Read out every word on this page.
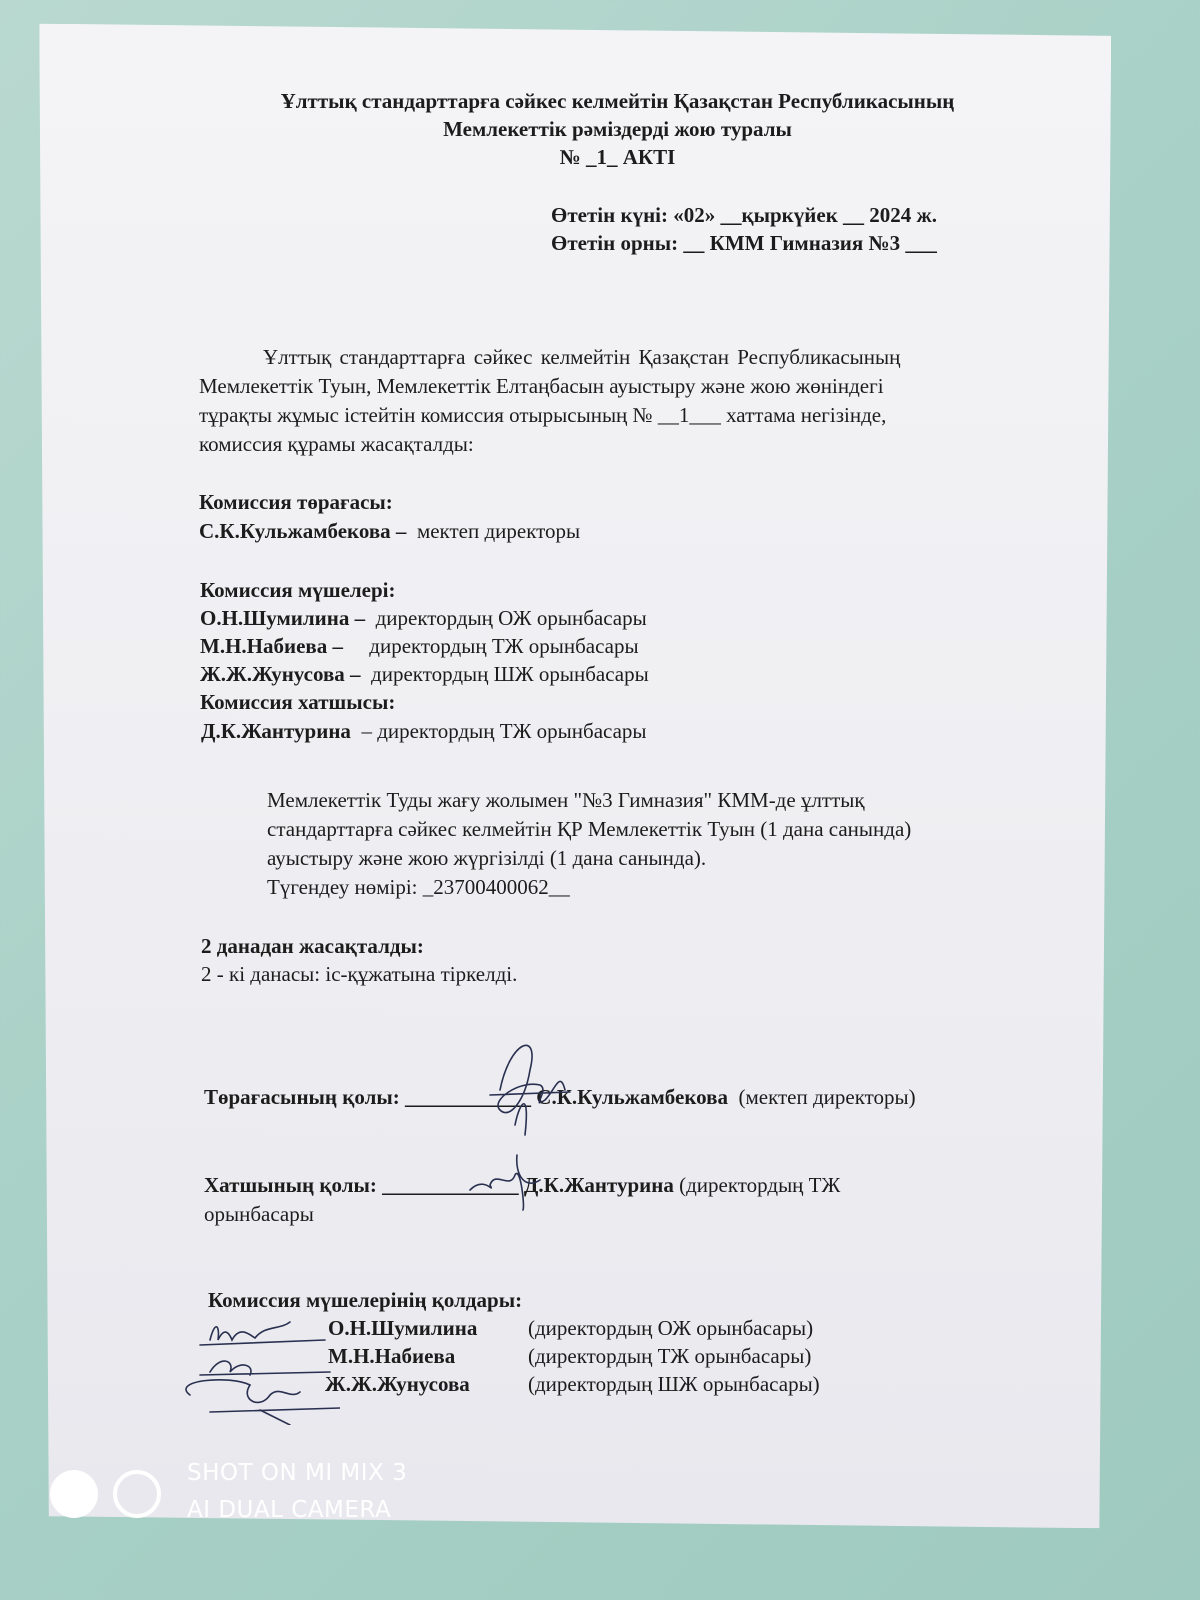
Ұлттық стандарттарға сәйкес келмейтін Қазақстан Республикасының
Мемлекеттік рәміздерді жою туралы
№ _1_ АКТІ
Өтетін күні: «02» __қыркүйек __ 2024 ж.
Өтетін орны: __ КММ Гимназия №3 ___
Ұлттық стандарттарға сәйкес келмейтін Қазақстан Республикасының
Мемлекеттік Туын, Мемлекеттік Елтаңбасын ауыстыру және жою жөніндегі
тұрақты жұмыс істейтін комиссия отырысының № __1___ хаттама негізінде,
комиссия құрамы жасақталды:
Комиссия төрағасы:
С.К.Кульжамбекова – мектеп директоры
Комиссия мүшелері:
О.Н.Шумилина – директордың ОЖ орынбасары
М.Н.Набиева – директордың ТЖ орынбасары
Ж.Ж.Жунусова – директордың ШЖ орынбасары
Комиссия хатшысы:
Д.К.Жантурина – директордың ТЖ орынбасары
Мемлекеттік Туды жағу жолымен "№3 Гимназия" КММ-де ұлттық
стандарттарға сәйкес келмейтін ҚР Мемлекеттік Туын (1 дана санында)
ауыстыру және жою жүргізілді (1 дана санында).
Түгендеу нөмірі: _23700400062__
2 данадан жасақталды:
2 - кі данасы: іс-құжатына тіркелді.
Төрағасының қолы: ____________ С.К.Кульжамбекова (мектеп директоры)
Хатшының қолы: _____________ Д.К.Жантурина (директордың ТЖ
орынбасары
Комиссия мүшелерінің қолдары:
О.Н.Шумилина (директордың ОЖ орынбасары)
М.Н.Набиева	(директордың ТЖ орынбасары)
Ж.Ж.Жунусова	(директордың ШЖ орынбасары)
SHOT ON MI MIX 3
AI DUAL CAMERA
